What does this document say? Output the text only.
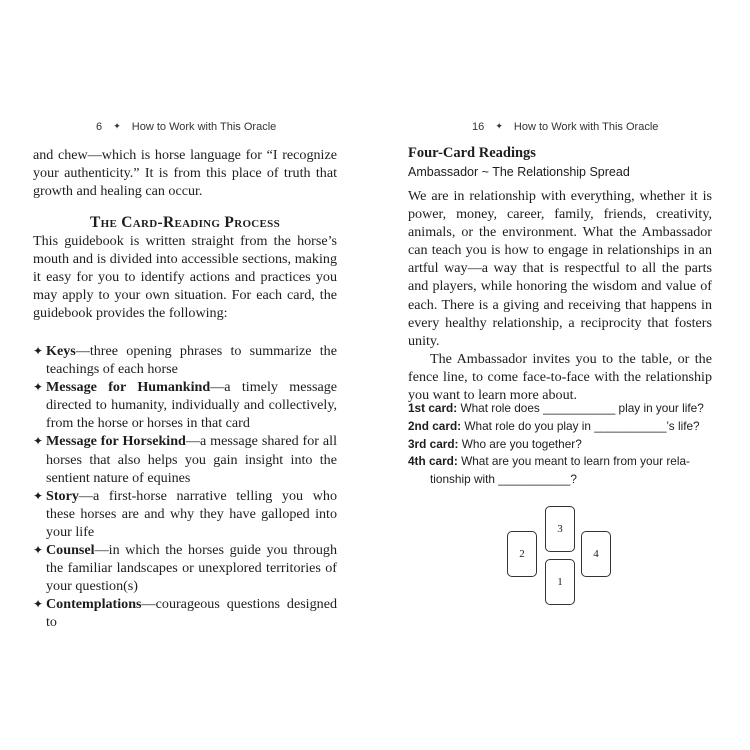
6 ✦ How to Work with This Oracle

and chew—which is horse language for “I recognize your authenticity.” It is from this place of truth that growth and healing can occur.

The Card-Reading Process

This guidebook is written straight from the horse’s mouth and is divided into accessible sections, making it easy for you to identify actions and practices you may apply to your own situation. For each card, the guidebook provides the following:

✦ Keys—three opening phrases to summarize the teachings of each horse
✦ Message for Humankind—a timely message directed to humanity, individually and collectively, from the horse or horses in that card
✦ Message for Horsekind—a message shared for all horses that also helps you gain insight into the sentient nature of equines
✦ Story—a first-horse narrative telling you who these horses are and why they have galloped into your life
✦ Counsel—in which the horses guide you through the familiar landscapes or unexplored territories of your question(s)
✦ Contemplations—courageous questions designed to
16 ✦ How to Work with This Oracle
Four-Card Readings
Ambassador ~ The Relationship Spread

We are in relationship with everything, whether it is power, money, career, family, friends, creativity, animals, or the environment. What the Ambassador can teach you is how to engage in relationships in an artful way—a way that is respectful to all the parts and players, while honoring the wisdom and value of each. There is a giving and receiving that happens in every healthy relationship, a reciprocity that fosters unity.

The Ambassador invites you to the table, or the fence line, to come face-to-face with the relationship you want to learn more about.

1st card: What role does ___________ play in your life?
2nd card: What role do you play in ___________’s life?
3rd card: Who are you together?
4th card: What are you meant to learn from your rela-
tionship with ___________?
3
2	4
1
